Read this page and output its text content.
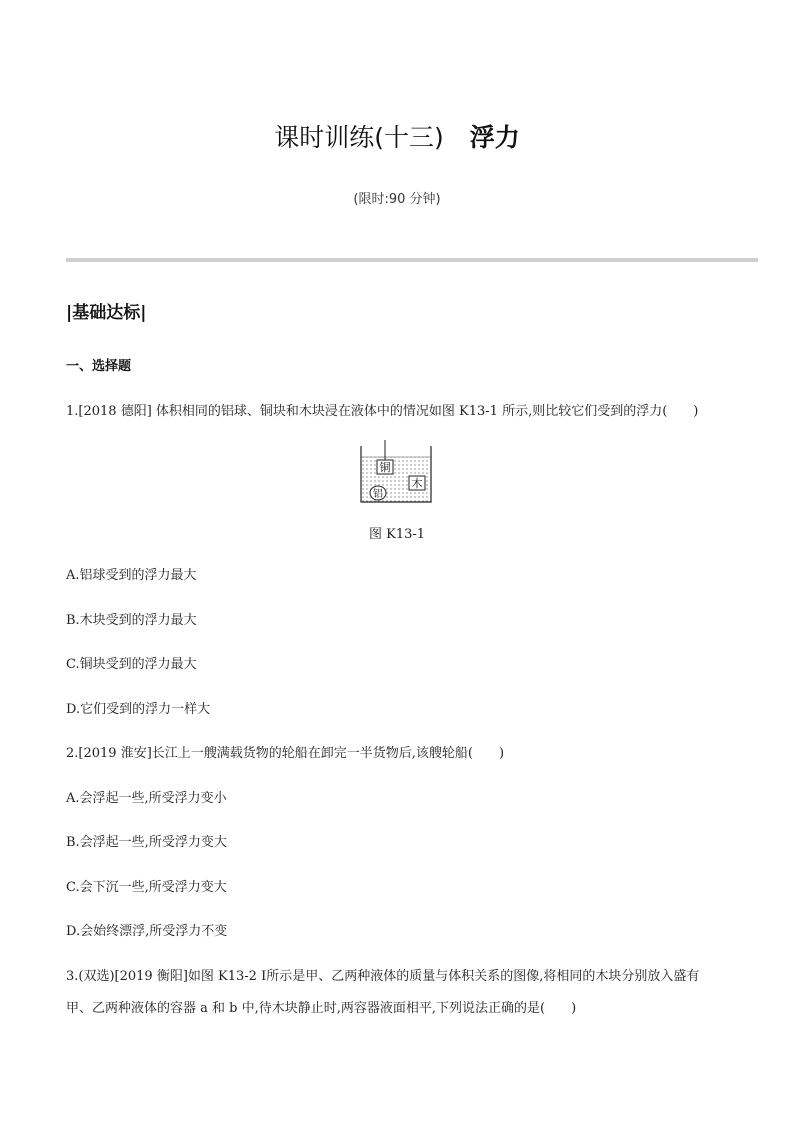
课时训练(十三) 浮力
(限时:90 分钟)
|基础达标|
一、选择题
1.[2018 德阳] 体积相同的铝球、铜块和木块浸在液体中的情况如图 K13-1 所示,则比较它们受到的浮力(　　)
铜
木
铝
图 K13-1
A.铝球受到的浮力最大
B.木块受到的浮力最大
C.铜块受到的浮力最大
D.它们受到的浮力一样大
2.[2019 淮安]长江上一艘满载货物的轮船在卸完一半货物后,该艘轮船(　　)
A.会浮起一些,所受浮力变小
B.会浮起一些,所受浮力变大
C.会下沉一些,所受浮力变大
D.会始终漂浮,所受浮力不变
3.(双选)[2019 衡阳]如图 K13-2 Ⅰ所示是甲、乙两种液体的质量与体积关系的图像,将相同的木块分别放入盛有
甲、乙两种液体的容器 a 和 b 中,待木块静止时,两容器液面相平,下列说法正确的是(　　)
